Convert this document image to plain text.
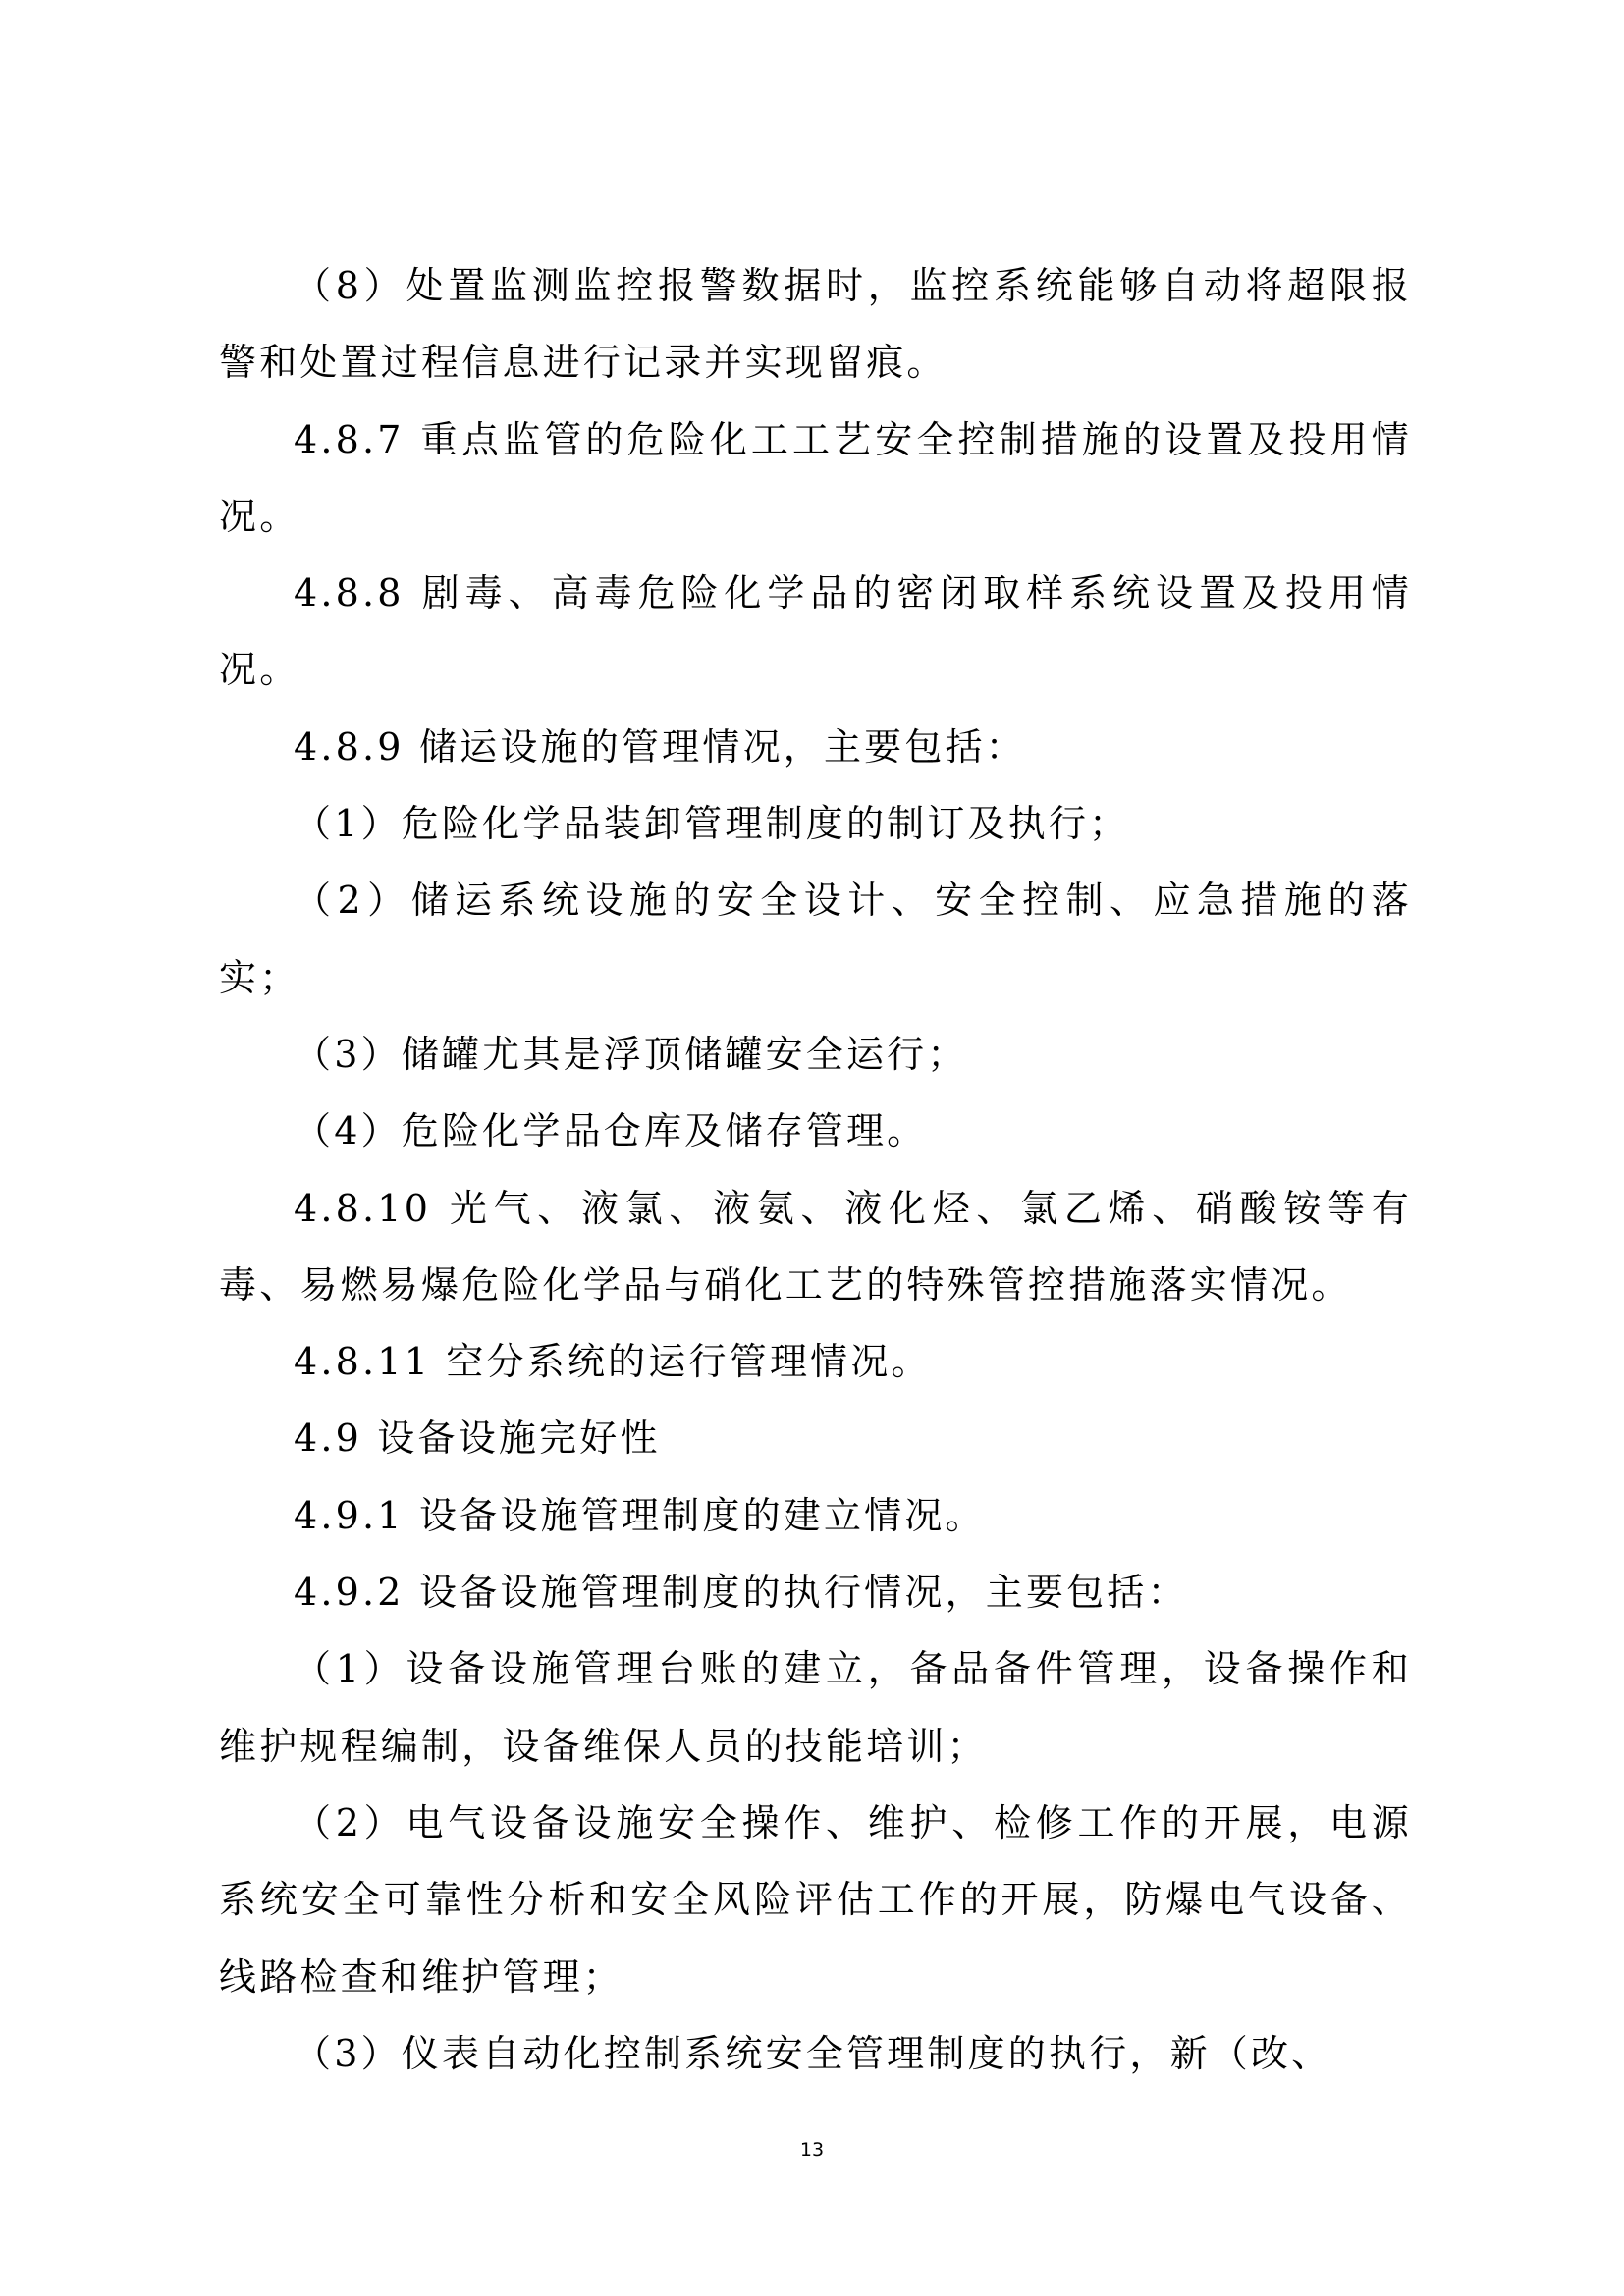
（8）处置监测监控报警数据时，监控系统能够自动将超限报警和处置过程信息进行记录并实现留痕。

4.8.7 重点监管的危险化工工艺安全控制措施的设置及投用情况。

4.8.8 剧毒、高毒危险化学品的密闭取样系统设置及投用情况。

4.8.9 储运设施的管理情况，主要包括：

（1）危险化学品装卸管理制度的制订及执行；

（2）储运系统设施的安全设计、安全控制、应急措施的落实；

（3）储罐尤其是浮顶储罐安全运行；

（4）危险化学品仓库及储存管理。

4.8.10 光气、液氯、液氨、液化烃、氯乙烯、硝酸铵等有毒、易燃易爆危险化学品与硝化工艺的特殊管控措施落实情况。

4.8.11 空分系统的运行管理情况。

4.9 设备设施完好性

4.9.1 设备设施管理制度的建立情况。

4.9.2 设备设施管理制度的执行情况，主要包括：

（1）设备设施管理台账的建立，备品备件管理，设备操作和维护规程编制，设备维保人员的技能培训；

（2）电气设备设施安全操作、维护、检修工作的开展，电源系统安全可靠性分析和安全风险评估工作的开展，防爆电气设备、线路检查和维护管理；

（3）仪表自动化控制系统安全管理制度的执行，新（改、

13
